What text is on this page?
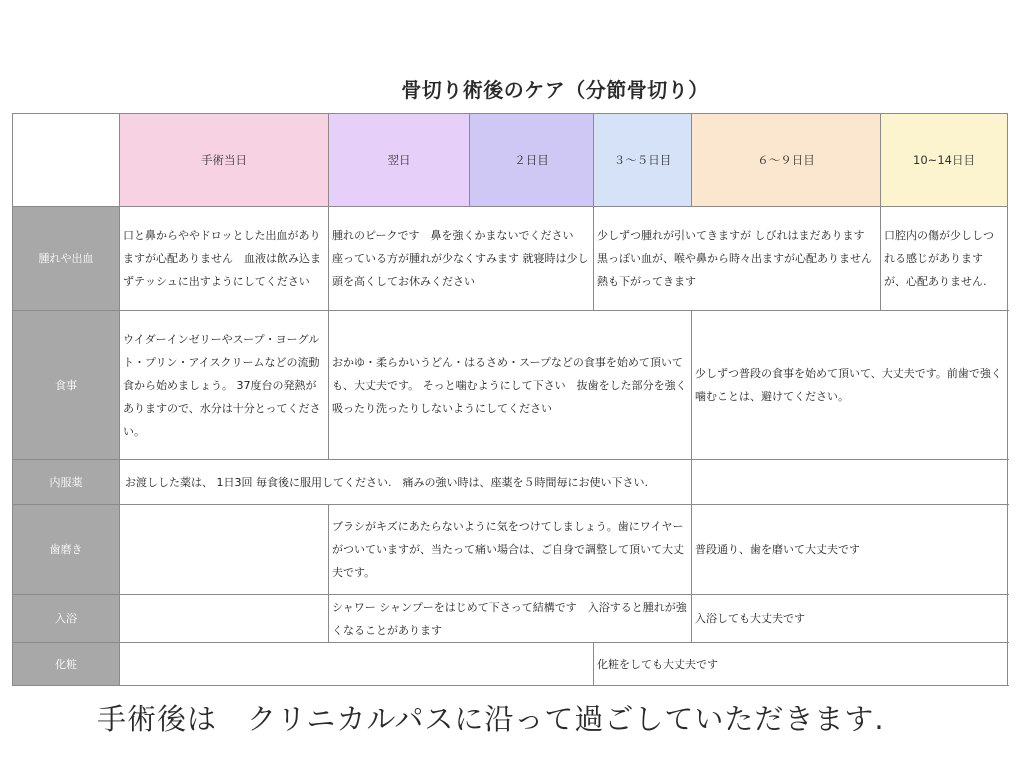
骨切り術後のケア（分節骨切り）
	手術当日	翌日	２日目	３～５日目	６～９日目	10~14日目	
腫れや出血	口と鼻からややドロッとした出血がありますが心配ありません　血液は飲み込まずテッシュに出すようにしてください	腫れのピークです　鼻を強くかまないでください　座っている方が腫れが少なくすみます 就寝時は少し頭を高くしてお休みください		少しずつ腫れが引いてきますが しびれはまだあります　黒っぽい血が、喉や鼻から時々出ますが心配ありません 熱も下がってきます		口腔内の傷が少ししつれる感じがありますが、心配ありません.	
食事	ウイダーインゼリーやスープ・ヨーグルト・プリン・アイスクリームなどの流動食から始めましょう。 37度台の発熱がありますので、水分は十分とってください。	おかゆ・柔らかいうどん・はるさめ・スープなどの食事を始めて頂いても、大丈夫です。 そっと噛むようにして下さい　抜歯をした部分を強く吸ったり洗ったりしないようにしてください			少しずつ普段の食事を始めて頂いて、大丈夫です。前歯で強く噛むことは、避けてください。		
内服薬	お渡しした薬は、 1日3回 毎食後に服用してください.　痛みの強い時は、座薬を５時間毎にお使い下さい.						
歯磨き		ブラシがキズにあたらないように気をつけてしましょう。歯にワイヤーがついていますが、当たって痛い場合は、ご自身で調整して頂いて大丈夫です。			普段通り、歯を磨いて大丈夫です		
入浴		シャワー シャンプーをはじめて下さって結構です　入浴すると腫れが強くなることがあります			入浴しても大丈夫です		
化粧				化粧をしても大丈夫です			
手術後は　クリニカルパスに沿って過ごしていただきます.
